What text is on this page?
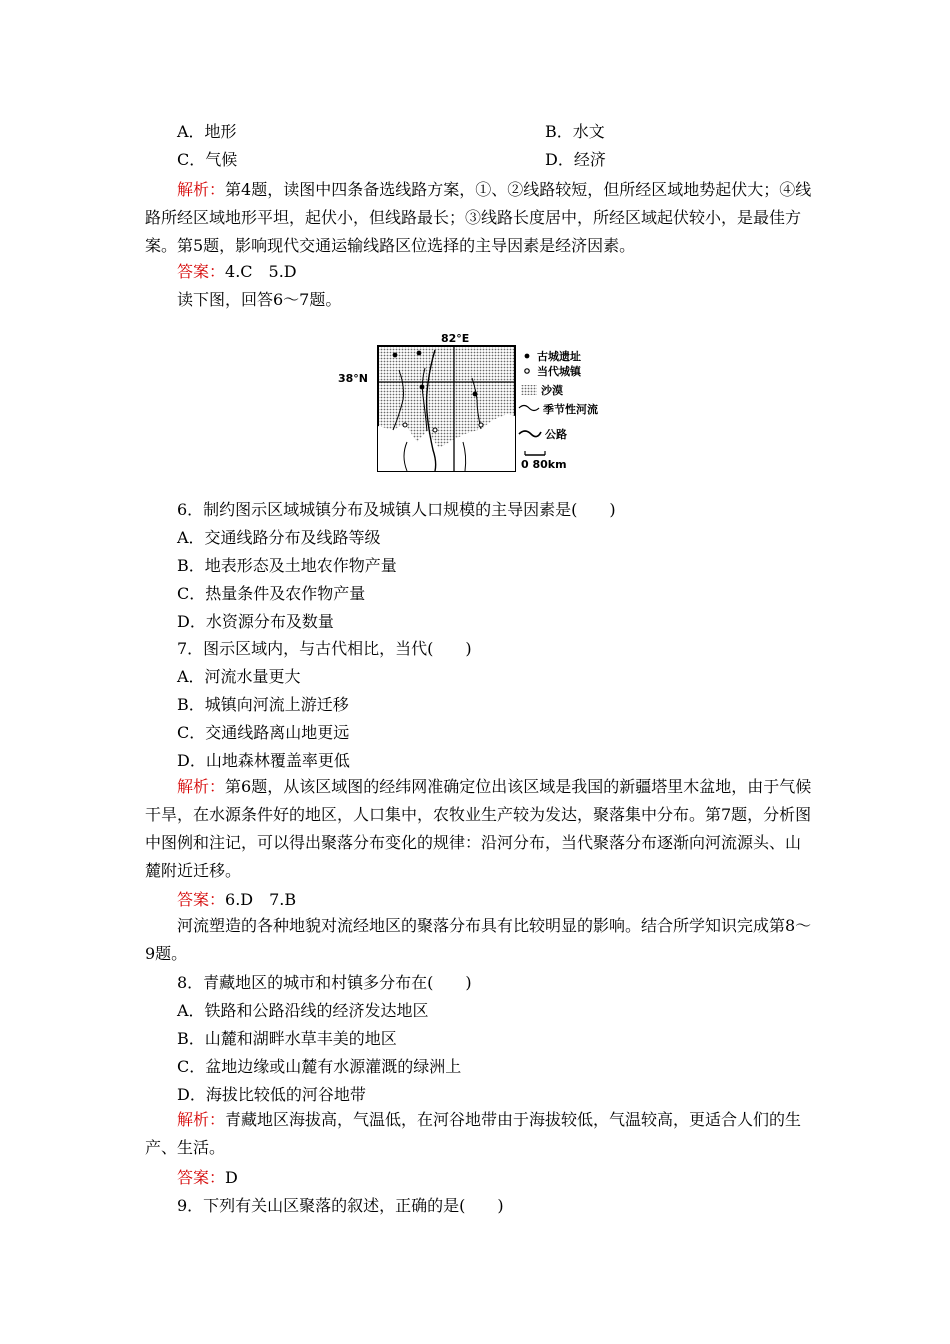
A．地形	B．水文
C．气候	D．经济
解析：第4题，读图中四条备选线路方案，①、②线路较短，但所经区域地势起伏大；④线路所经区域地形平坦，起伏小，但线路最长；③线路长度居中，所经区域起伏较小，是最佳方案。第5题，影响现代交通运输线路区位选择的主导因素是经济因素。
答案：4.C　5.D
读下图，回答6～7题。
82°E
38°N
古城遗址
当代城镇
沙漠
季节性河流
公路
0 80km
6．制约图示区域城镇分布及城镇人口规模的主导因素是(　　)
A．交通线路分布及线路等级
B．地表形态及土地农作物产量
C．热量条件及农作物产量
D．水资源分布及数量
7．图示区域内，与古代相比，当代(　　)
A．河流水量更大
B．城镇向河流上游迁移
C．交通线路离山地更远
D．山地森林覆盖率更低
解析：第6题，从该区域图的经纬网准确定位出该区域是我国的新疆塔里木盆地，由于气候干旱，在水源条件好的地区，人口集中，农牧业生产较为发达，聚落集中分布。第7题，分析图中图例和注记，可以得出聚落分布变化的规律：沿河分布，当代聚落分布逐渐向河流源头、山麓附近迁移。
答案：6.D　7.B
河流塑造的各种地貌对流经地区的聚落分布具有比较明显的影响。结合所学知识完成第8～9题。
8．青藏地区的城市和村镇多分布在(　　)
A．铁路和公路沿线的经济发达地区
B．山麓和湖畔水草丰美的地区
C．盆地边缘或山麓有水源灌溉的绿洲上
D．海拔比较低的河谷地带
解析：青藏地区海拔高，气温低，在河谷地带由于海拔较低，气温较高，更适合人们的生产、生活。
答案：D
9．下列有关山区聚落的叙述，正确的是(　　)
